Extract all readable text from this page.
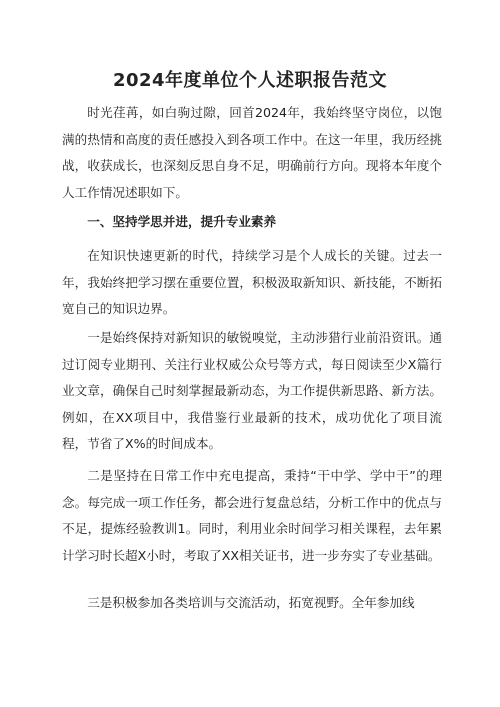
2024年度单位个人述职报告范文

时光荏苒，如白驹过隙，回首2024年，我始终坚守岗位，以饱满的热情和高度的责任感投入到各项工作中。在这一年里，我历经挑战，收获成长，也深刻反思自身不足，明确前行方向。现将本年度个人工作情况述职如下。

一、坚持学思并进，提升专业素养

在知识快速更新的时代，持续学习是个人成长的关键。过去一年，我始终把学习摆在重要位置，积极汲取新知识、新技能，不断拓宽自己的知识边界。

一是始终保持对新知识的敏锐嗅觉，主动涉猎行业前沿资讯。通过订阅专业期刊、关注行业权威公众号等方式，每日阅读至少X篇行业文章，确保自己时刻掌握最新动态，为工作提供新思路、新方法。例如，在XX项目中，我借鉴行业最新的技术，成功优化了项目流程，节省了X%的时间成本。

二是坚持在日常工作中充电提高，秉持“干中学、学中干”的理念。每完成一项工作任务，都会进行复盘总结，分析工作中的优点与不足，提炼经验教训1。同时，利用业余时间学习相关课程，去年累计学习时长超X小时，考取了XX相关证书，进一步夯实了专业基础。

三是积极参加各类培训与交流活动，拓宽视野。全年参加线
